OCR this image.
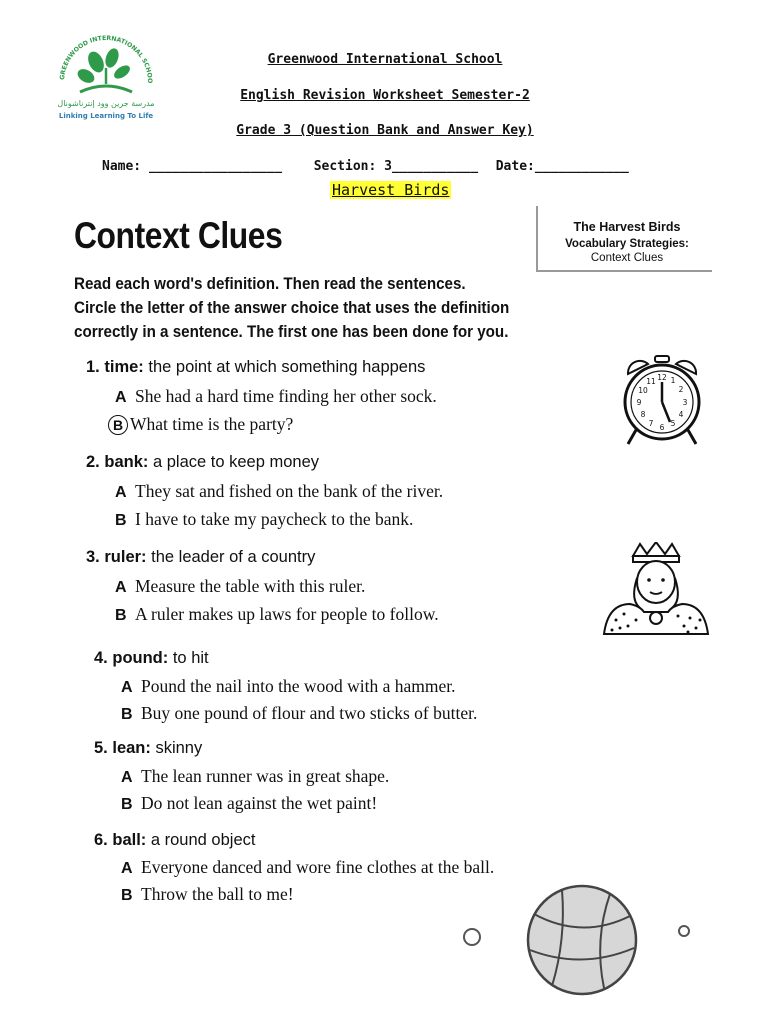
GREENWOOD INTERNATIONAL SCHOO
مدرسة جرين وود إنترناشونال
Linking Learning To Life
Greenwood International School
English Revision Worksheet Semester-2
Grade 3 (Question Bank and Answer Key)
Name: _________________ Section: 3___________ Date:____________
Harvest Birds
Context Clues	The Harvest Birds
Vocabulary Strategies:
Context Clues
Read each word's definition. Then read the sentences.
Circle the letter of the answer choice that uses the definition
correctly in a sentence. The first one has been done for you.
1. time: the point at which something happens
A She had a hard time finding her other sock.
B What time is the party?
2. bank: a place to keep money
A They sat and fished on the bank of the river.
B I have to take my paycheck to the bank.
3. ruler: the leader of a country
A Measure the table with this ruler.
B A ruler makes up laws for people to follow.
4. pound: to hit
A Pound the nail into the wood with a hammer.
B Buy one pound of flour and two sticks of butter.
5. lean: skinny
A The lean runner was in great shape.
B Do not lean against the wet paint!
6. ball: a round object
A Everyone danced and wore fine clothes at the ball.
B Throw the ball to me!
12 1
2
3
4
5
6
7
8
9
10
11
